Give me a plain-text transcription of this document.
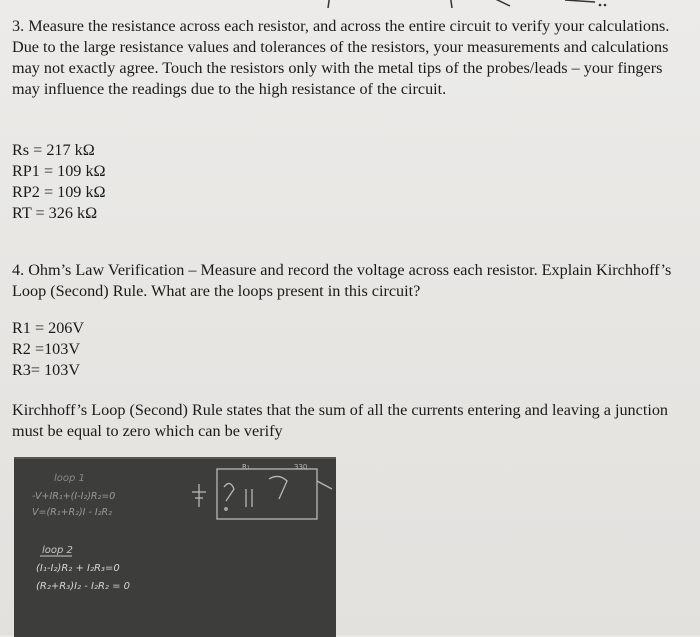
3. Measure the resistance across each resistor, and across the entire circuit to verify your calculations. Due to the large resistance values and tolerances of the resistors, your measurements and calculations may not exactly agree. Touch the resistors only with the metal tips of the probes/leads – your fingers may influence the readings due to the high resistance of the circuit.

Rs = 217 kΩ
RP1 = 109 kΩ
RP2 = 109 kΩ
RT = 326 kΩ

4. Ohm’s Law Verification – Measure and record the voltage across each resistor. Explain Kirchhoff’s Loop (Second) Rule. What are the loops present in this circuit?

R1 = 206V
R2 =103V
R3= 103V

Kirchhoff’s Loop (Second) Rule states that the sum of all the currents entering and leaving a junction must be equal to zero which can be verify

loop 1
-V+IR₁+(I-I₂)R₂=0
V=(R₁+R₂)I - I₂R₂
loop 2
(I₁-I₂)R₂ + I₂R₃=0
(R₂+R₃)I₂ - I₂R₂ = 0
R₁	330
